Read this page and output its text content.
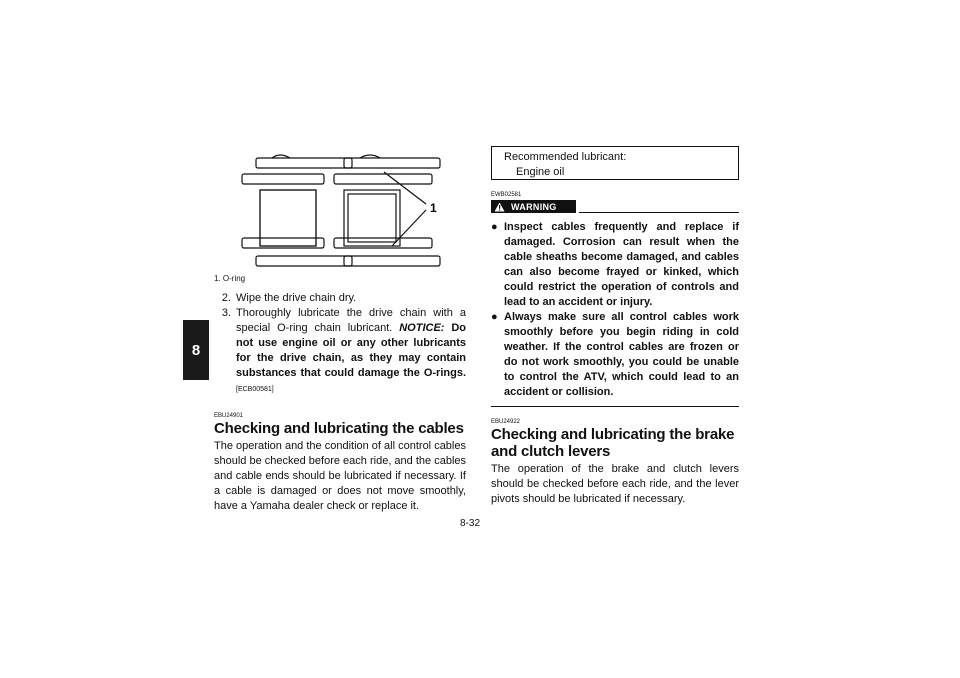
8
1
1. O-ring
2. Wipe the drive chain dry.
3. Thoroughly lubricate the drive chain with a special O-ring chain lubricant. NOTICE: Do not use engine oil or any other lubricants for the drive chain, as they may contain substances that could damage the O-rings. [ECB00581]
EBU24901
Checking and lubricating the cables
The operation and the condition of all control cables should be checked before each ride, and the cables and cable ends should be lubricated if necessary. If a cable is damaged or does not move smoothly, have a Yamaha dealer check or replace it.
Recommended lubricant:
Engine oil
EWB02581
WARNING
● Inspect cables frequently and replace if damaged. Corrosion can result when the cable sheaths become damaged, and cables can also become frayed or kinked, which could restrict the operation of controls and lead to an accident or injury.
● Always make sure all control cables work smoothly before you begin riding in cold weather. If the control cables are frozen or do not work smoothly, you could be unable to control the ATV, which could lead to an accident or collision.
EBU24922
Checking and lubricating the brake and clutch levers
The operation of the brake and clutch levers should be checked before each ride, and the lever pivots should be lubricated if necessary.
8-32
